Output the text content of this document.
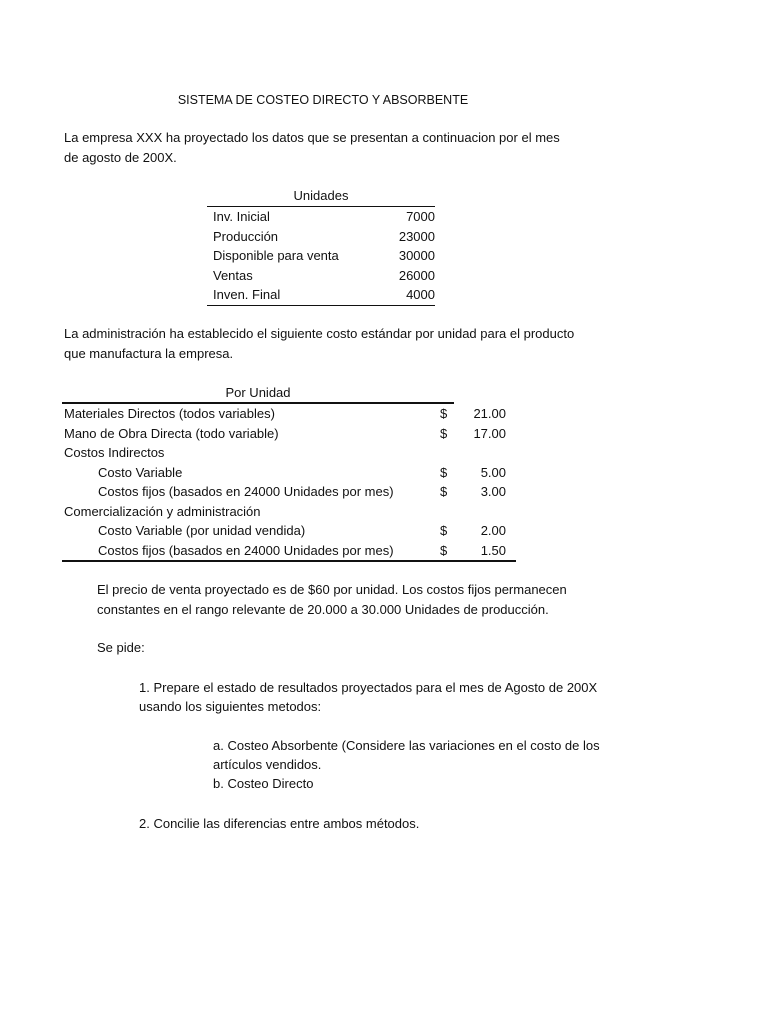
SISTEMA DE COSTEO DIRECTO Y ABSORBENTE
La empresa XXX ha proyectado los datos que se presentan a continuacion por el mes
de agosto de 200X.
Unidades
Inv. Inicial	7000
Producción	23000
Disponible para venta	30000
Ventas	26000
Inven. Final	4000
La administración ha establecido el siguiente costo estándar por unidad para el producto
que manufactura la empresa.
Por Unidad
Materiales Directos (todos variables)	$ 21.00
Mano de Obra Directa (todo variable)	$ 17.00
Costos Indirectos
Costo Variable	$	5.00
Costos fijos (basados en 24000 Unidades por mes)	$	3.00
Comercialización y administración
Costo Variable (por unidad vendida)	$	2.00
Costos fijos (basados en 24000 Unidades por mes)	$	1.50
El precio de venta proyectado es de $60 por unidad. Los costos fijos permanecen
constantes en el rango relevante de 20.000 a 30.000 Unidades de producción.
Se pide:
1. Prepare el estado de resultados proyectados para el mes de Agosto de 200X
usando los siguientes metodos:
a. Costeo Absorbente (Considere las variaciones en el costo de los
artículos vendidos.
b. Costeo Directo
2. Concilie las diferencias entre ambos métodos.
